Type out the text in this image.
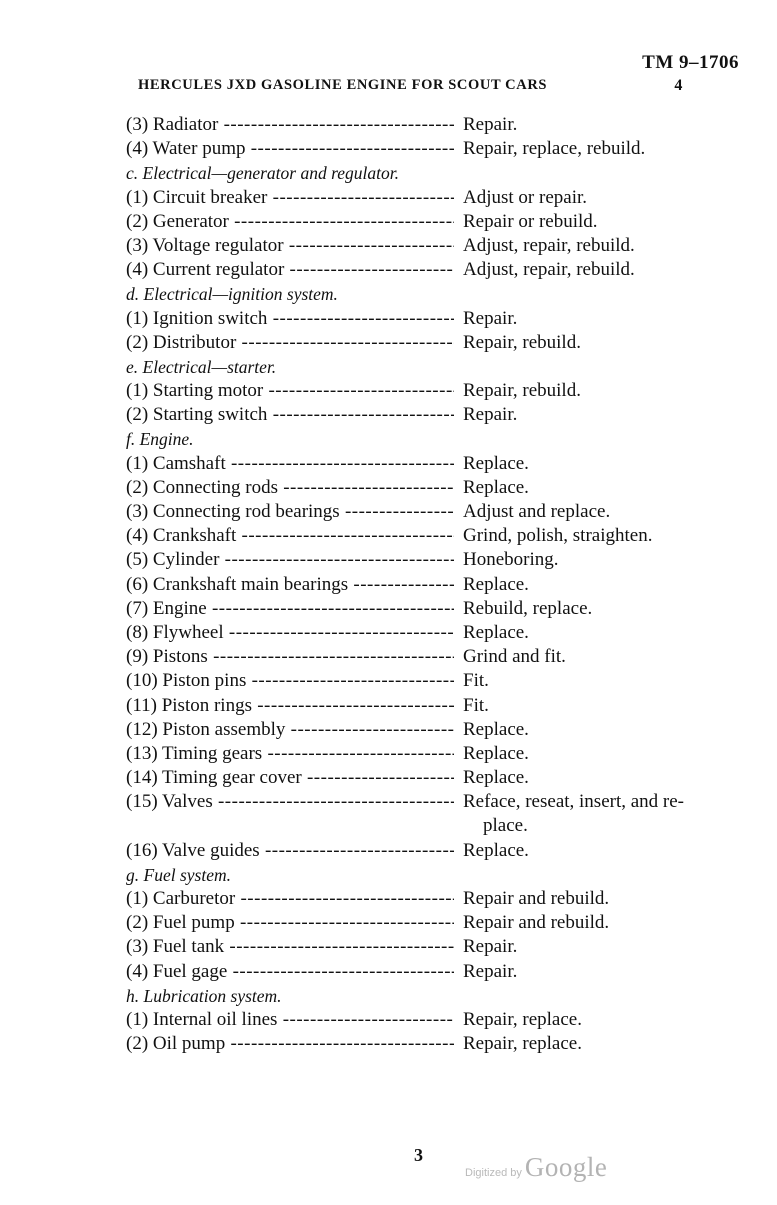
TM 9–1706
HERCULES JXD GASOLINE ENGINE FOR SCOUT CARS	4
(3) Radiator -----	Repair.
(4) Water pump -----	Repair, replace, rebuild.
c. Electrical—generator and regulator.
(1) Circuit breaker -----	Adjust or repair.
(2) Generator -----	Repair or rebuild.
(3) Voltage regulator -----	Adjust, repair, rebuild.
(4) Current regulator -----	Adjust, repair, rebuild.
d. Electrical—ignition system.
(1) Ignition switch -----	Repair.
(2) Distributor -----	Repair, rebuild.
e. Electrical—starter.
(1) Starting motor -----	Repair, rebuild.
(2) Starting switch -----	Repair.
f. Engine.
(1) Camshaft -----	Replace.
(2) Connecting rods -----	Replace.
(3) Connecting rod bearings -----	Adjust and replace.
(4) Crankshaft -----	Grind, polish, straighten.
(5) Cylinder -----	Honeboring.
(6) Crankshaft main bearings -----	Replace.
(7) Engine -----	Rebuild, replace.
(8) Flywheel -----	Replace.
(9) Pistons -----	Grind and fit.
(10) Piston pins -----	Fit.
(11) Piston rings -----	Fit.
(12) Piston assembly -----	Replace.
(13) Timing gears -----	Replace.
(14) Timing gear cover -----	Replace.
(15) Valves -----	Reface, reseat, insert, and re-
place.
(16) Valve guides -----	Replace.
g. Fuel system.
(1) Carburetor -----	Repair and rebuild.
(2) Fuel pump -----	Repair and rebuild.
(3) Fuel tank -----	Repair.
(4) Fuel gage -----	Repair.
h. Lubrication system.
(1) Internal oil lines -----	Repair, replace.
(2) Oil pump -----	Repair, replace.
3
Digitized by Google
